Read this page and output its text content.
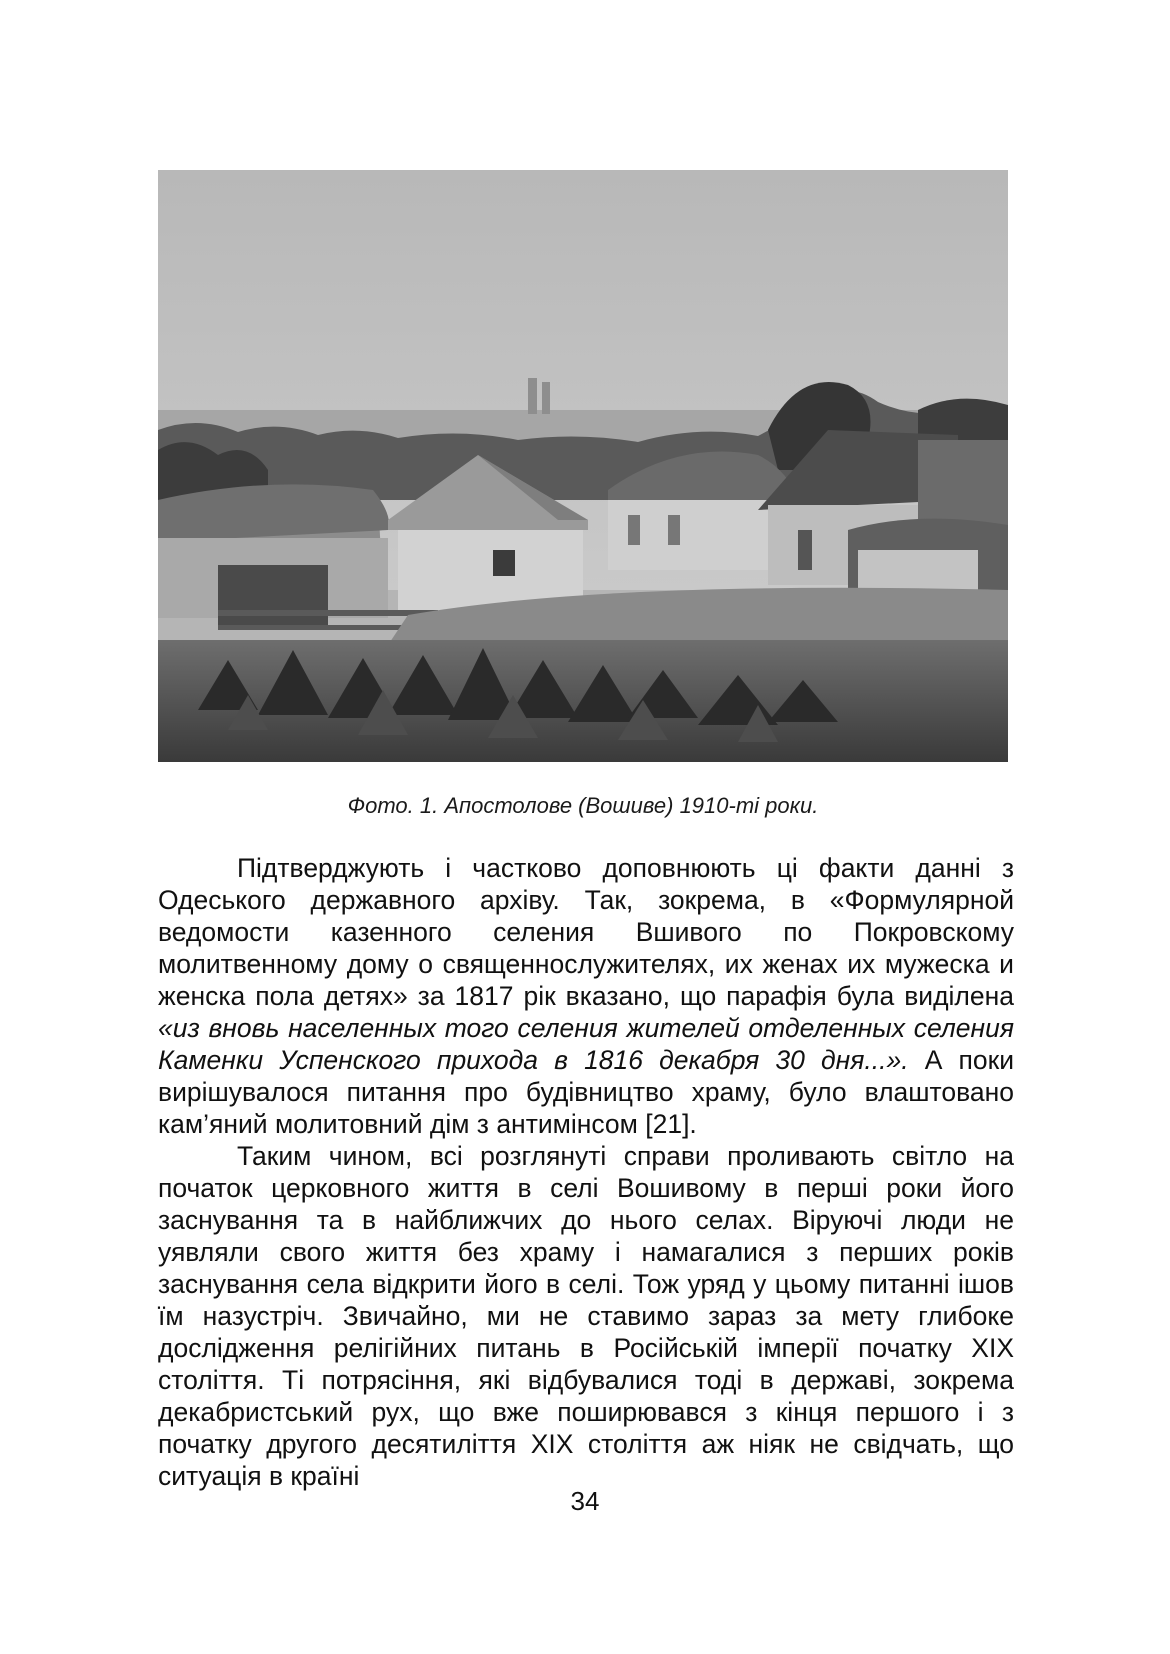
Фото. 1. Апостолове (Вошиве) 1910-ті роки.

Підтверджують і частково доповнюють ці факти данні з Одеського державного архіву. Так, зокрема, в «Формулярной ведомости казенного селения Вшивого по Покровскому молитвенному дому о священнослужителях, их женах их мужеска и женска пола детях» за 1817 рік вказано, що парафія була виділена «из вновь населенных того селения жителей отделенных селения Каменки Успенского прихода в 1816 декабря 30 дня...». А поки вирішувалося питання про будівництво храму, було влаштовано кам’яний молитовний дім з антимінсом [21].

Таким чином, всі розглянуті справи проливають світло на початок церковного життя в селі Вошивому в перші роки його заснування та в найближчих до нього селах. Віруючі люди не уявляли свого життя без храму і намагалися з перших років заснування села відкрити його в селі. Тож уряд у цьому питанні ішов їм назустріч. Звичайно, ми не ставимо зараз за мету глибоке дослідження релігійних питань в Російській імперії початку ХІХ століття. Ті потрясіння, які відбувалися тоді в державі, зокрема декабристський рух, що вже поширювався з кінця першого і з початку другого десятиліття ХІХ століття аж ніяк не свідчать, що ситуація в країні

34
